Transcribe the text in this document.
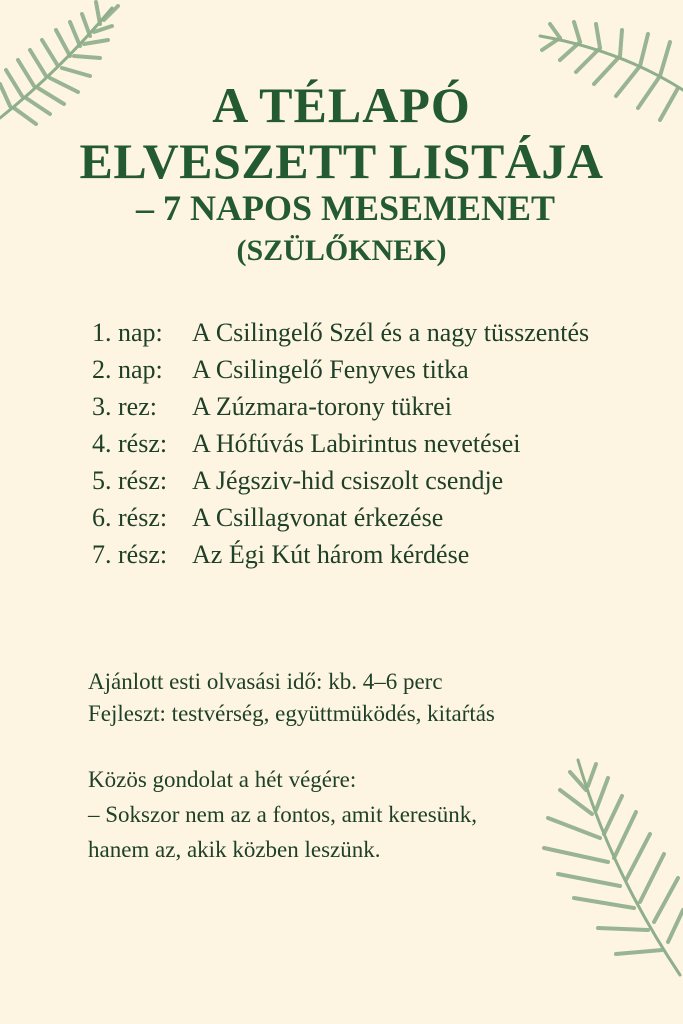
A TÉLAPÓ
ELVESZETT LISTÁJA
– 7 NAPOS MESEMENET
(SZÜLŐKNEK)
1. nap:	A Csilingelő Szél és a nagy tüsszentés
2. nap:	A Csilingelő Fenyves titka
3. rez:	A Zúzmara-torony tükrei
4. rész: A Hófúvás Labirintus nevetései
5. rész: A Jégsziv-hid csiszolt csendje
6. rész: A Csillagvonat érkezése
7. rész: Az Égi Kút három kérdése
Ajánlott esti olvasási idő: kb. 4–6 perc
Fejleszt: testvérség, együttmüködés, kitaŕtás
Közös gondolat a hét végére:
– Sokszor nem az a fontos, amit keresünk, hanem az, akik közben leszünk.
